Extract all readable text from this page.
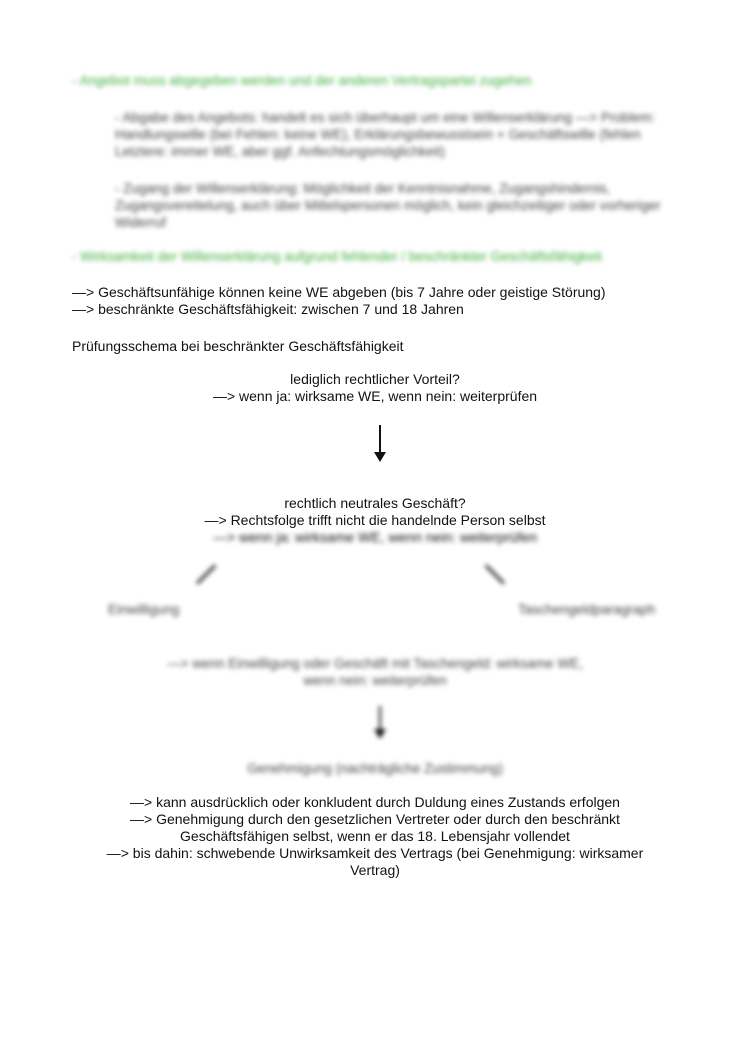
- Angebot muss abgegeben werden und der anderen Vertragspartei zugehen
- Abgabe des Angebots: handelt es sich überhaupt um eine Willenserklärung —> Problem: Handlungswille (bei Fehlen: keine WE), Erklärungsbewusstsein + Geschäftswille (fehlen Letztere: immer WE, aber ggf. Anfechtungsmöglichkeit)
- Zugang der Willenserklärung: Möglichkeit der Kenntnisnahme, Zugangshindernis, Zugangsvereitelung, auch über Mittelspersonen möglich, kein gleichzeitiger oder vorheriger Widerruf
- Wirksamkeit der Willenserklärung aufgrund fehlender / beschränkter Geschäftsfähigkeit
—> Geschäftsunfähige können keine WE abgeben (bis 7 Jahre oder geistige Störung)
—> beschränkte Geschäftsfähigkeit: zwischen 7 und 18 Jahren
Prüfungsschema bei beschränkter Geschäftsfähigkeit
lediglich rechtlicher Vorteil?
—> wenn ja: wirksame WE, wenn nein: weiterprüfen
rechtlich neutrales Geschäft?
—> Rechtsfolge trifft nicht die handelnde Person selbst
—> wenn ja: wirksame WE, wenn nein: weiterprüfen
Einwilligung	Taschengeldparagraph
—> wenn Einwilligung oder Geschäft mit Taschengeld: wirksame WE,
wenn nein: weiterprüfen
Genehmigung (nachträgliche Zustimmung)
—> kann ausdrücklich oder konkludent durch Duldung eines Zustands erfolgen
—> Genehmigung durch den gesetzlichen Vertreter oder durch den beschränkt
Geschäftsfähigen selbst, wenn er das 18. Lebensjahr vollendet
—> bis dahin: schwebende Unwirksamkeit des Vertrags (bei Genehmigung: wirksamer
Vertrag)
